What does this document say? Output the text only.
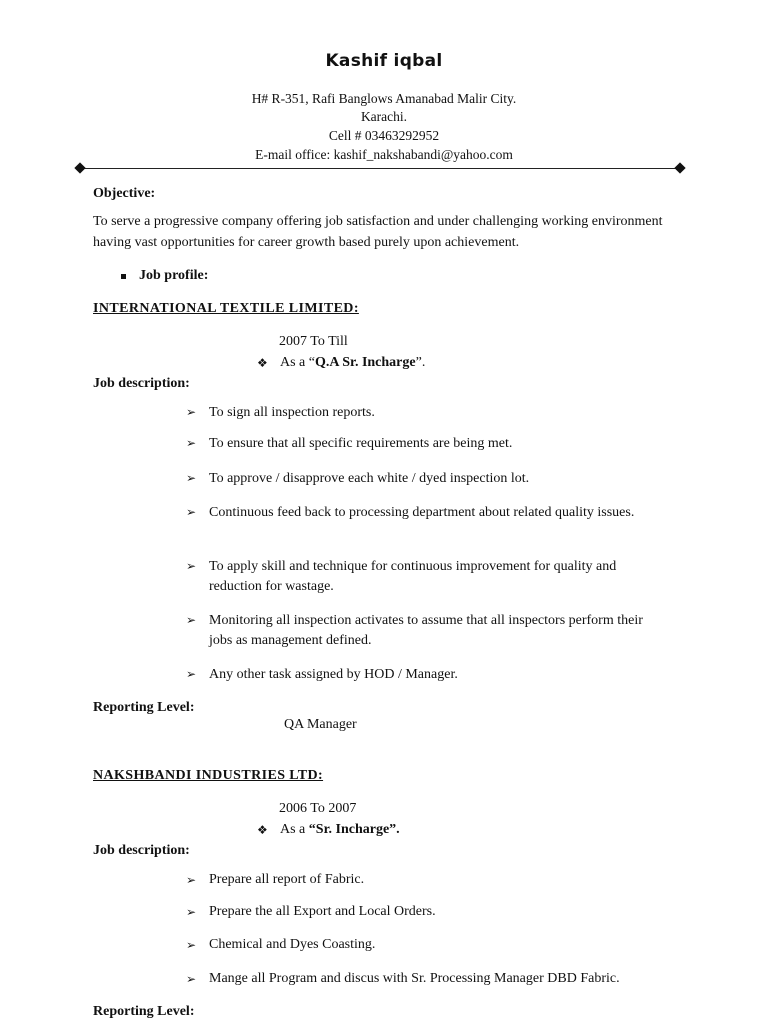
Kashif iqbal
H# R-351, Rafi Banglows Amanabad Malir City.
Karachi.
Cell # 03463292952
E-mail office: kashif_nakshabandi@yahoo.com
Objective:
To serve a progressive company offering job satisfaction and under challenging working environment having vast opportunities for career growth based purely upon achievement.
Job profile:
INTERNATIONAL TEXTILE LIMITED:
2007 To Till
❖ As a “Q.A Sr. Incharge”.
Job description:
➢ To sign all inspection reports.
➢ To ensure that all specific requirements are being met.
➢ To approve / disapprove each white / dyed inspection lot.
➢ Continuous feed back to processing department about related quality issues.
➢ To apply skill and technique for continuous improvement for quality and reduction for wastage.
➢ Monitoring all inspection activates to assume that all inspectors perform their jobs as management defined.
➢ Any other task assigned by HOD / Manager.
Reporting Level:
QA Manager
NAKSHBANDI INDUSTRIES LTD:
2006 To 2007
❖ As a “Sr. Incharge”.
Job description:
➢ Prepare all report of Fabric.
➢ Prepare the all Export and Local Orders.
➢ Chemical and Dyes Coasting.
➢ Mange all Program and discus with Sr. Processing Manager DBD Fabric.
Reporting Level:
